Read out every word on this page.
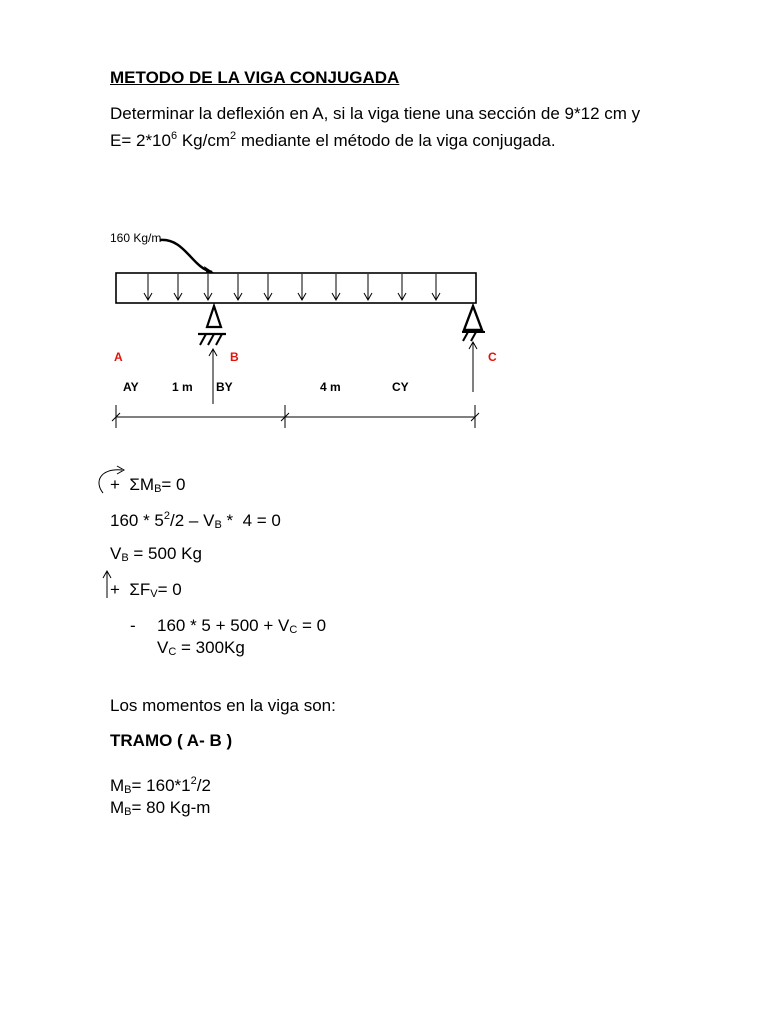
METODO DE LA VIGA CONJUGADA
Determinar la deflexión en A, si la viga tiene una sección de 9*12 cm y
$E= 2*10^6$ $Kg/cm^2$ mediante el método de la viga conjugada.
160 Kg/m
A	B	C
AY	1 m BY	4 m	CY
+ ΣMB= 0
$160 * 5^2/2$ – VB *  4 = 0
VB = 500 Kg
+ ΣFV= 0
- 160 * 5 + 500 + VC = 0
VC = 300Kg
Los momentos en la viga son:
TRAMO ( A- B )
$MB= 160*1^2/2$
MB= 80 Kg-m
